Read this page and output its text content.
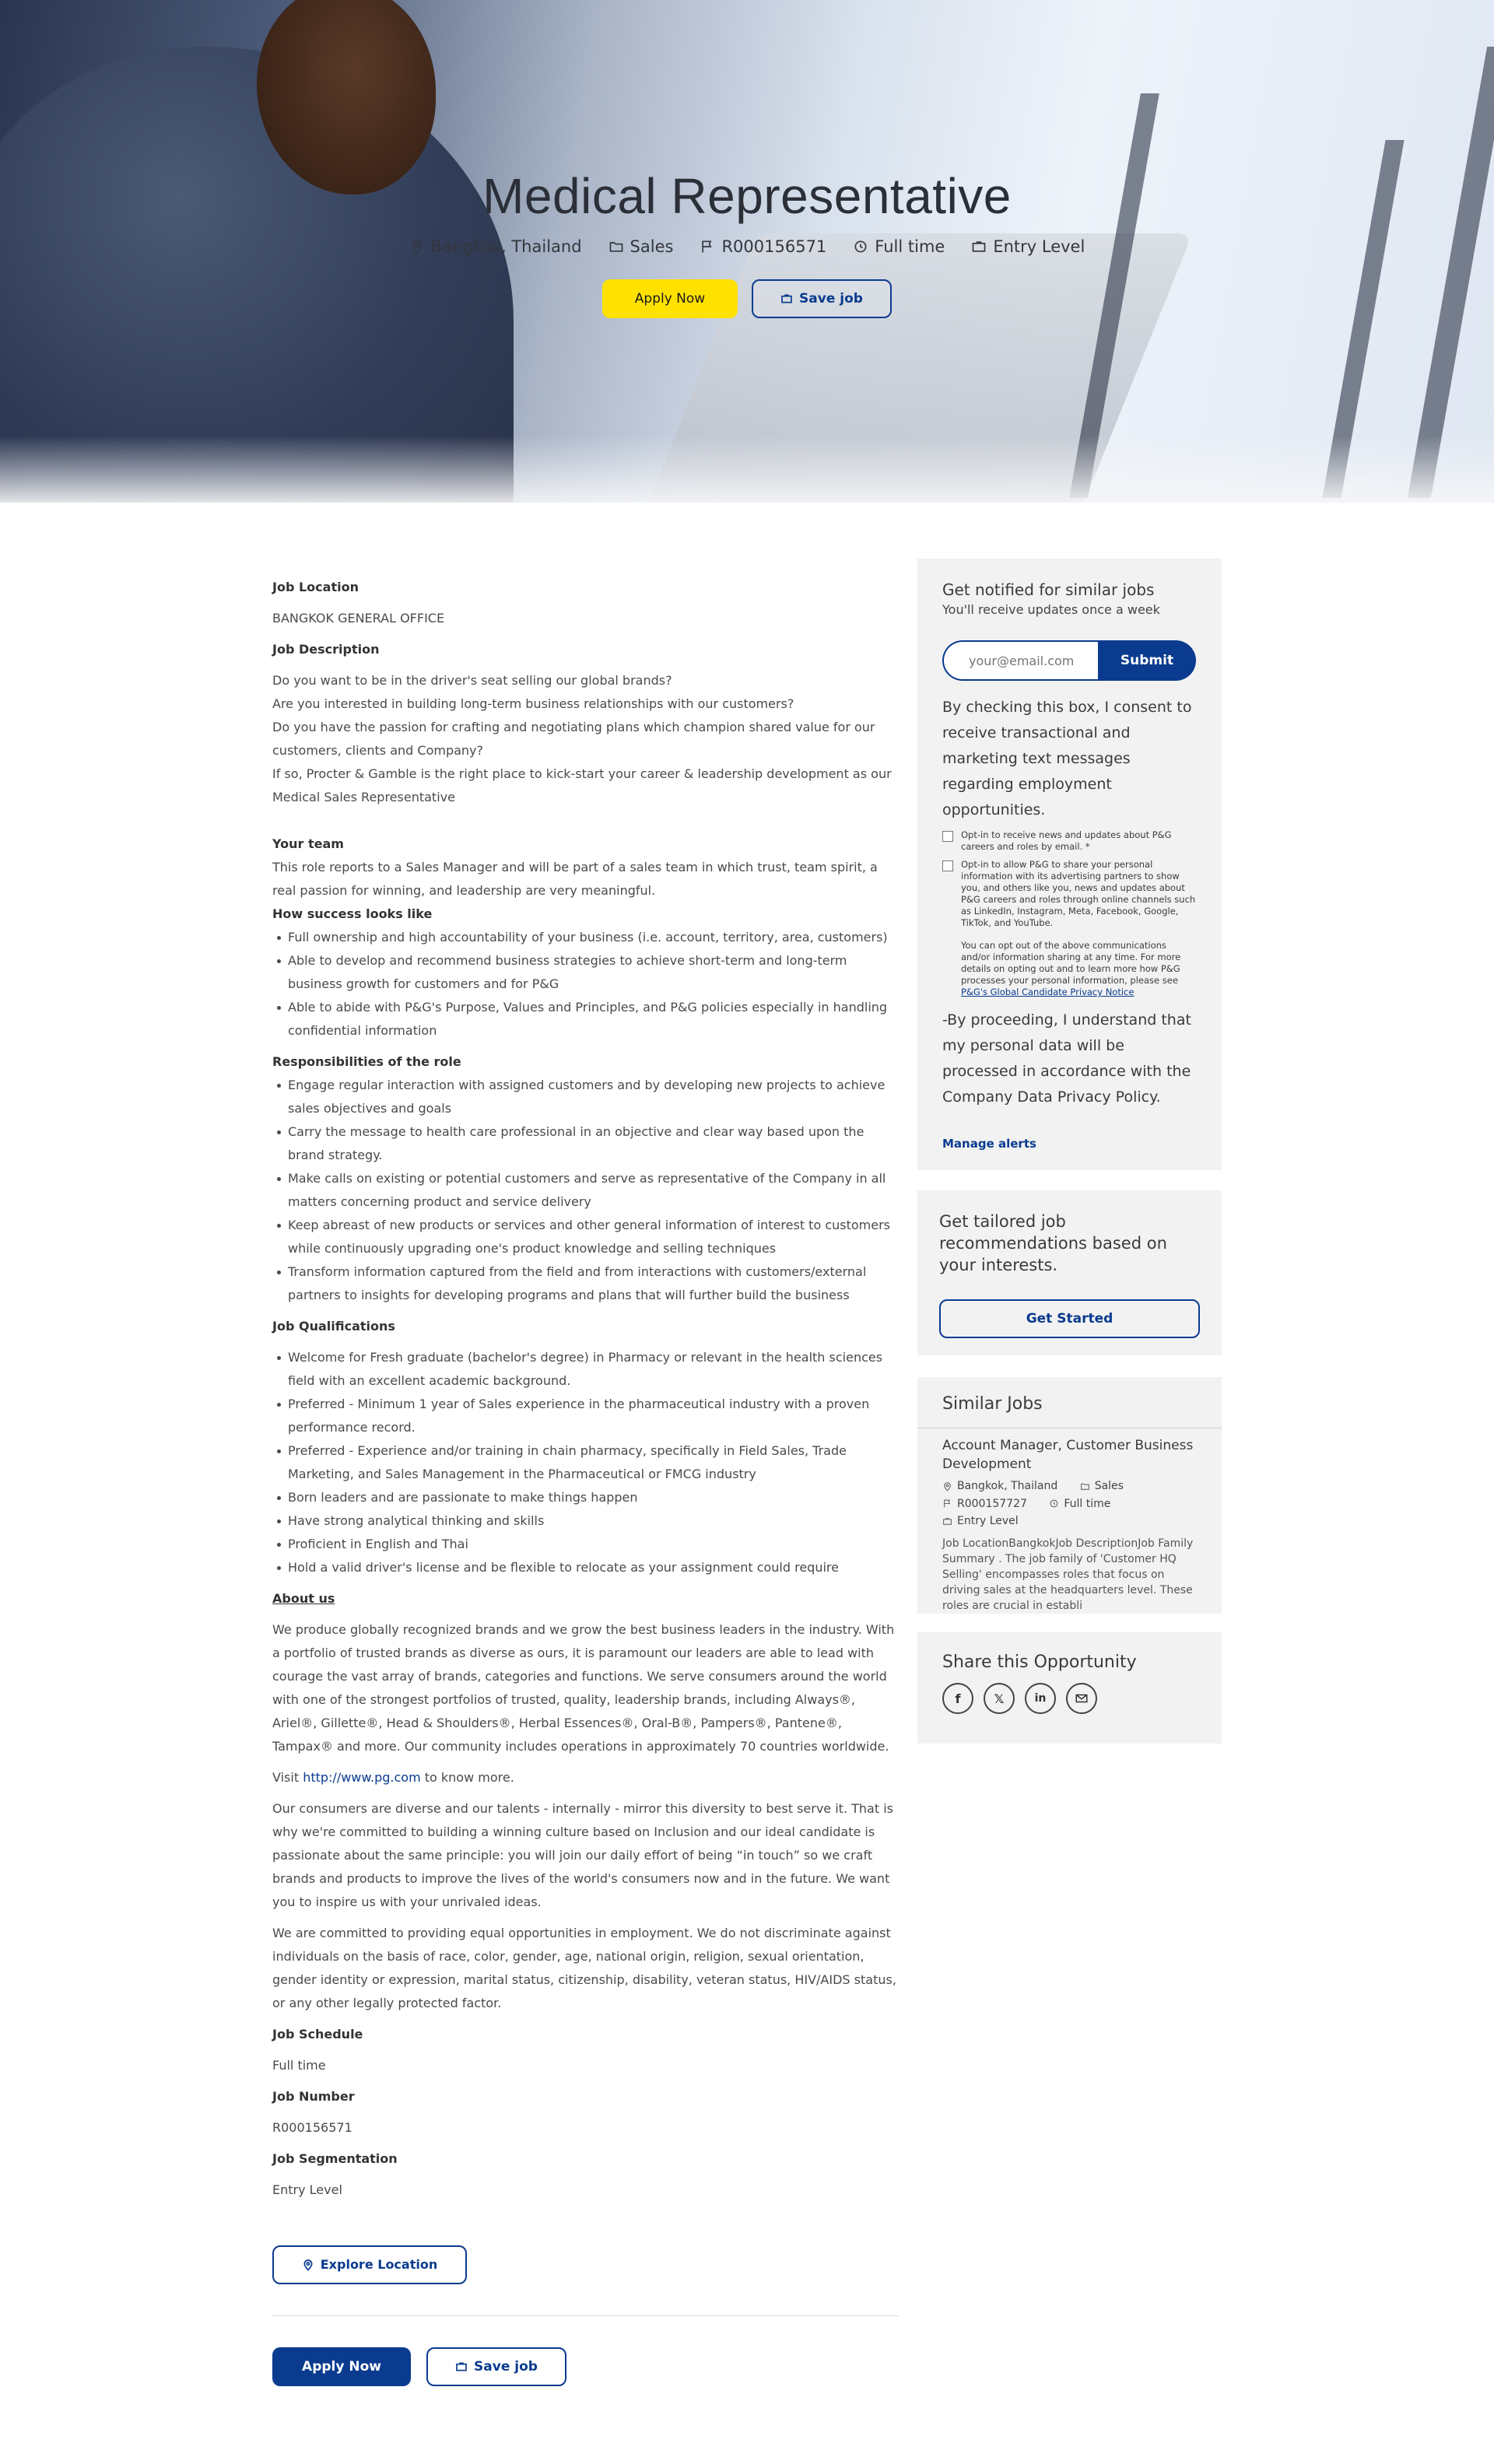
Medical Representative
Bangkok, Thailand	Sales	R000156571	Full time	Entry Level
Apply Now	Save job
Job Location
BANGKOK GENERAL OFFICE
Job Description
Do you want to be in the driver's seat selling our global brands?
Are you interested in building long-term business relationships with our customers?
Do you have the passion for crafting and negotiating plans which champion shared value for our customers, clients and Company?
If so, Procter & Gamble is the right place to kick-start your career & leadership development as our Medical Sales Representative
Your team
This role reports to a Sales Manager and will be part of a sales team in which trust, team spirit, a real passion for winning, and leadership are very meaningful.
How success looks like
Full ownership and high accountability of your business (i.e. account, territory, area, customers)
Able to develop and recommend business strategies to achieve short-term and long-term business growth for customers and for P&G
Able to abide with P&G's Purpose, Values and Principles, and P&G policies especially in handling confidential information
Responsibilities of the role
Engage regular interaction with assigned customers and by developing new projects to achieve sales objectives and goals
Carry the message to health care professional in an objective and clear way based upon the brand strategy.
Make calls on existing or potential customers and serve as representative of the Company in all matters concerning product and service delivery
Keep abreast of new products or services and other general information of interest to customers while continuously upgrading one's product knowledge and selling techniques
Transform information captured from the field and from interactions with customers/external partners to insights for developing programs and plans that will further build the business
Job Qualifications
Welcome for Fresh graduate (bachelor's degree) in Pharmacy or relevant in the health sciences field with an excellent academic background.
Preferred - Minimum 1 year of Sales experience in the pharmaceutical industry with a proven performance record.
Preferred - Experience and/or training in chain pharmacy, specifically in Field Sales, Trade Marketing, and Sales Management in the Pharmaceutical or FMCG industry
Born leaders and are passionate to make things happen
Have strong analytical thinking and skills
Proficient in English and Thai
Hold a valid driver's license and be flexible to relocate as your assignment could require
About us
We produce globally recognized brands and we grow the best business leaders in the industry. With a portfolio of trusted brands as diverse as ours, it is paramount our leaders are able to lead with courage the vast array of brands, categories and functions. We serve consumers around the world with one of the strongest portfolios of trusted, quality, leadership brands, including Always®, Ariel®, Gillette®, Head & Shoulders®, Herbal Essences®, Oral-B®, Pampers®, Pantene®, Tampax® and more. Our community includes operations in approximately 70 countries worldwide.
Visit http://www.pg.com to know more.
Our consumers are diverse and our talents - internally - mirror this diversity to best serve it. That is why we're committed to building a winning culture based on Inclusion and our ideal candidate is passionate about the same principle: you will join our daily effort of being “in touch” so we craft brands and products to improve the lives of the world's consumers now and in the future. We want you to inspire us with your unrivaled ideas.
We are committed to providing equal opportunities in employment. We do not discriminate against individuals on the basis of race, color, gender, age, national origin, religion, sexual orientation, gender identity or expression, marital status, citizenship, disability, veteran status, HIV/AIDS status, or any other legally protected factor.
Job Schedule
Full time
Job Number
R000156571
Job Segmentation
Entry Level
Explore Location
Apply Now	Save job
Get notified for similar jobs
You'll receive updates once a week
your@email.com
Submit
By checking this box, I consent to receive transactional and marketing text messages regarding employment opportunities.
Opt-in to receive news and updates about P&G careers and roles by email. *
Opt-in to allow P&G to share your personal information with its advertising partners to show you, and others like you, news and updates about P&G careers and roles through online channels such as LinkedIn, Instagram, Meta, Facebook, Google, TikTok, and YouTube.
You can opt out of the above communications and/or information sharing at any time. For more details on opting out and to learn more how P&G processes your personal information, please see P&G's Global Candidate Privacy Notice
-By proceeding, I understand that my personal data will be processed in accordance with the Company Data Privacy Policy.
Manage alerts
Get tailored job recommendations based on your interests.
Get Started
Similar Jobs
Account Manager, Customer Business Development
Bangkok, Thailand
	Sales
R000157727
	Full time
Entry Level
Job LocationBangkokJob DescriptionJob Family Summary . The job family of 'Customer HQ Selling' encompasses roles that focus on driving sales at the headquarters level. These roles are crucial in establi
Share this Opportunity
f	𝕏	in
